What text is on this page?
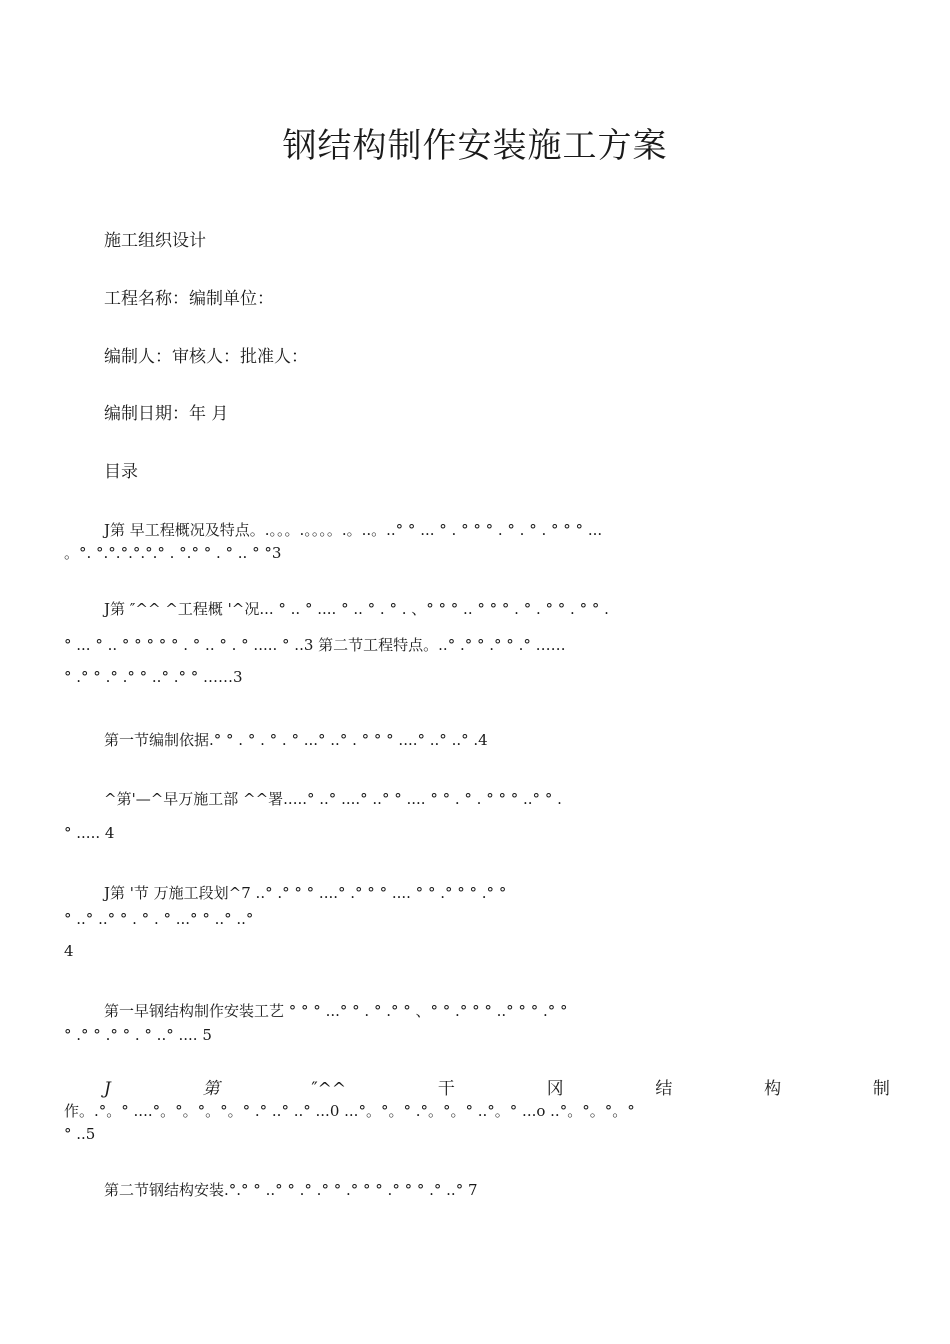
钢结构制作安装施工方案

施工组织设计

工程名称：编制单位：

编制人：审核人：批准人：

编制日期：年 月

目录

J第 早工程概况及特点。.。。。.。。。。.。..。..° ° ... ° . ° ° ° . ° . ° . ° ° ° ...

。°. °.°.°.°.°.° . °.° ° . ° .. ° °3

J第 ″^^ ^工程概 '^况... ° .. ° .... ° .. ° . ° . 、° ° ° .. ° ° ° . ° . ° ° . ° ° .

° ... ° .. ° ° ° ° ° . ° .. ° . ° ..... ° ..3 第二节工程特点。..° .° ° .° ° .° ……

° .° ° .° .° ° ..° .° ° ……3

第一节编制依据.° ° . ° . ° . ° ...° ..° . ° ° ° ....° ..° ..° .4

^第'—^早万施工部 ^^署.....° ..° ....° ..° ° .... ° ° . ° . ° ° ° ..° ° .

° ..... 4

J第 '节 万施工段划^7 ..° .° ° ° ....° .° ° ° .... ° ° .° ° ° .° °

° ..° ..° ° . ° . ° ...° ° ..° ..°

4

第一早钢结构制作安装工艺 ° ° ° ...° ° . ° .° ° 、° ° .° ° ° ..° ° ° .° °

° .° ° .° ° . ° ..° .... 5

J	第	″^^	干	冈	结	构	制

作。.°。° ....°。°。°。°。° .° ..° ..° ...0 ...°。°。° .°。°。° ..°。° ...o ..°。°。°。°

° ..5

第二节钢结构安装.°.° ° ..° ° .° .° ° .° ° ° .° ° ° .° ..° 7
